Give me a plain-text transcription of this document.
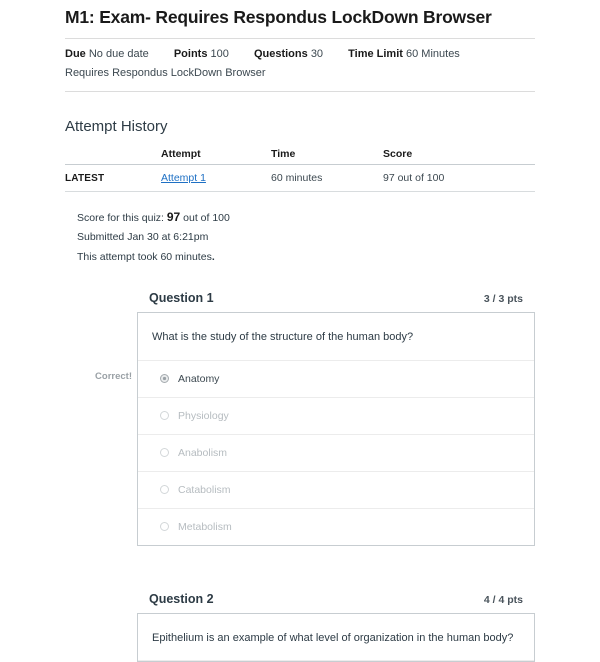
M1: Exam- Requires Respondus LockDown Browser
Due No due date Points 100 Questions 30 Time Limit 60 Minutes
Requires Respondus LockDown Browser
Attempt History
	Attempt	Time	Score
LATEST	Attempt 1	60 minutes	97 out of 100
Score for this quiz: 97 out of 100
Submitted Jan 30 at 6:21pm
This attempt took 60 minutes.
Correct!
Question 1	3 / 3 pts
What is the study of the structure of the human body?
Anatomy
Physiology
Anabolism
Catabolism
Metabolism
Question 2	4 / 4 pts
Epithelium is an example of what level of organization in the human body?
